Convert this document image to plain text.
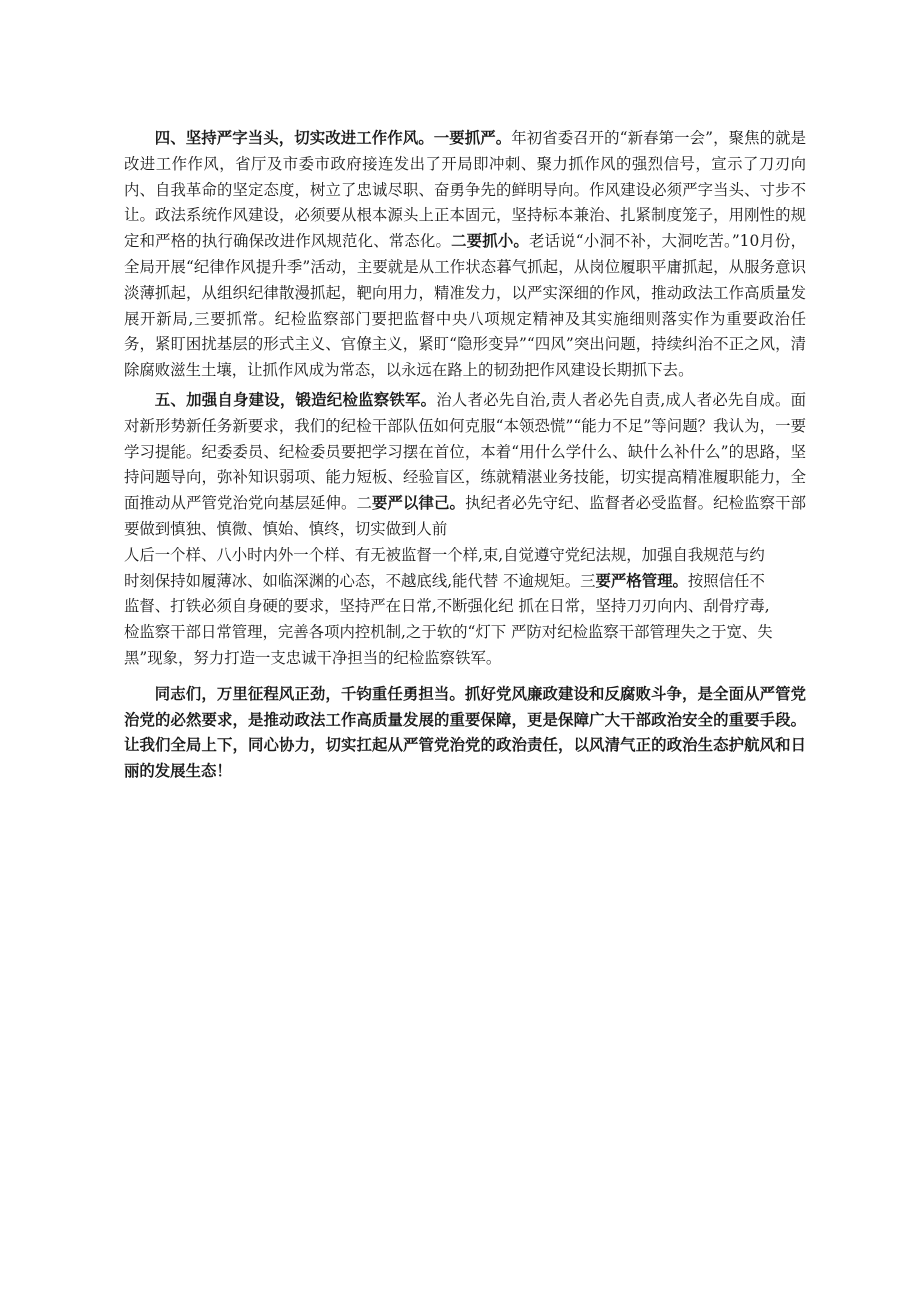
四、坚持严字当头，切实改进工作作风。一要抓严。年初省委召开的“新春第一会”，聚焦的就是改进工作作风，省厅及市委市政府接连发出了开局即冲刺、聚力抓作风的强烈信号，宣示了刀刃向内、自我革命的坚定态度，树立了忠诚尽职、奋勇争先的鲜明导向。作风建设必须严字当头、寸步不让。政法系统作风建设，必须要从根本源头上正本固元，坚持标本兼治、扎紧制度笼子，用刚性的规定和严格的执行确保改进作风规范化、常态化。二要抓小。老话说“小洞不补，大洞吃苦。”10月份，全局开展“纪律作风提升季”活动，主要就是从工作状态暮气抓起，从岗位履职平庸抓起，从服务意识淡薄抓起，从组织纪律散漫抓起，靶向用力，精准发力，以严实深细的作风，推动政法工作高质量发展开新局,三要抓常。纪检监察部门要把监督中央八项规定精神及其实施细则落实作为重要政治任务，紧盯困扰基层的形式主义、官僚主义，紧盯“隐形变异”“四风”突出问题，持续纠治不正之风，清除腐败滋生土壤，让抓作风成为常态，以永远在路上的韧劲把作风建设长期抓下去。

五、加强自身建设，锻造纪检监察铁军。治人者必先自治,责人者必先自责,成人者必先自成。面对新形势新任务新要求，我们的纪检干部队伍如何克服“本领恐慌”“能力不足”等问题？我认为，一要学习提能。纪委委员、纪检委员要把学习摆在首位，本着“用什么学什么、缺什么补什么”的思路，坚持问题导向，弥补知识弱项、能力短板、经验盲区，练就精湛业务技能，切实提高精准履职能力，全面推动从严管党治党向基层延伸。二要严以律己。执纪者必先守纪、监督者必受监督。纪检监察干部要做到慎独、慎微、慎始、慎终，切实做到人前
人后一个样、八小时内外一个样、有无被监督一个样,束,自觉遵守党纪法规，加强自我规范与约
时刻保持如履薄冰、如临深渊的心态，不越底线,能代替 不逾规矩。三要严格管理。按照信任不
监督、打铁必须自身硬的要求，坚持严在日常,不断强化纪 抓在日常，坚持刀刃向内、刮骨疗毒,
检监察干部日常管理，完善各项内控机制,之于软的“灯下 严防对纪检监察干部管理失之于宽、失
黑”现象，努力打造一支忠诚干净担当的纪检监察铁军。

同志们，万里征程风正劲，千钧重任勇担当。抓好党风廉政建设和反腐败斗争，是全面从严管党治党的必然要求，是推动政法工作高质量发展的重要保障，更是保障广大干部政治安全的重要手段。让我们全局上下，同心协力，切实扛起从严管党治党的政治责任，以风清气正的政治生态护航风和日丽的发展生态！
